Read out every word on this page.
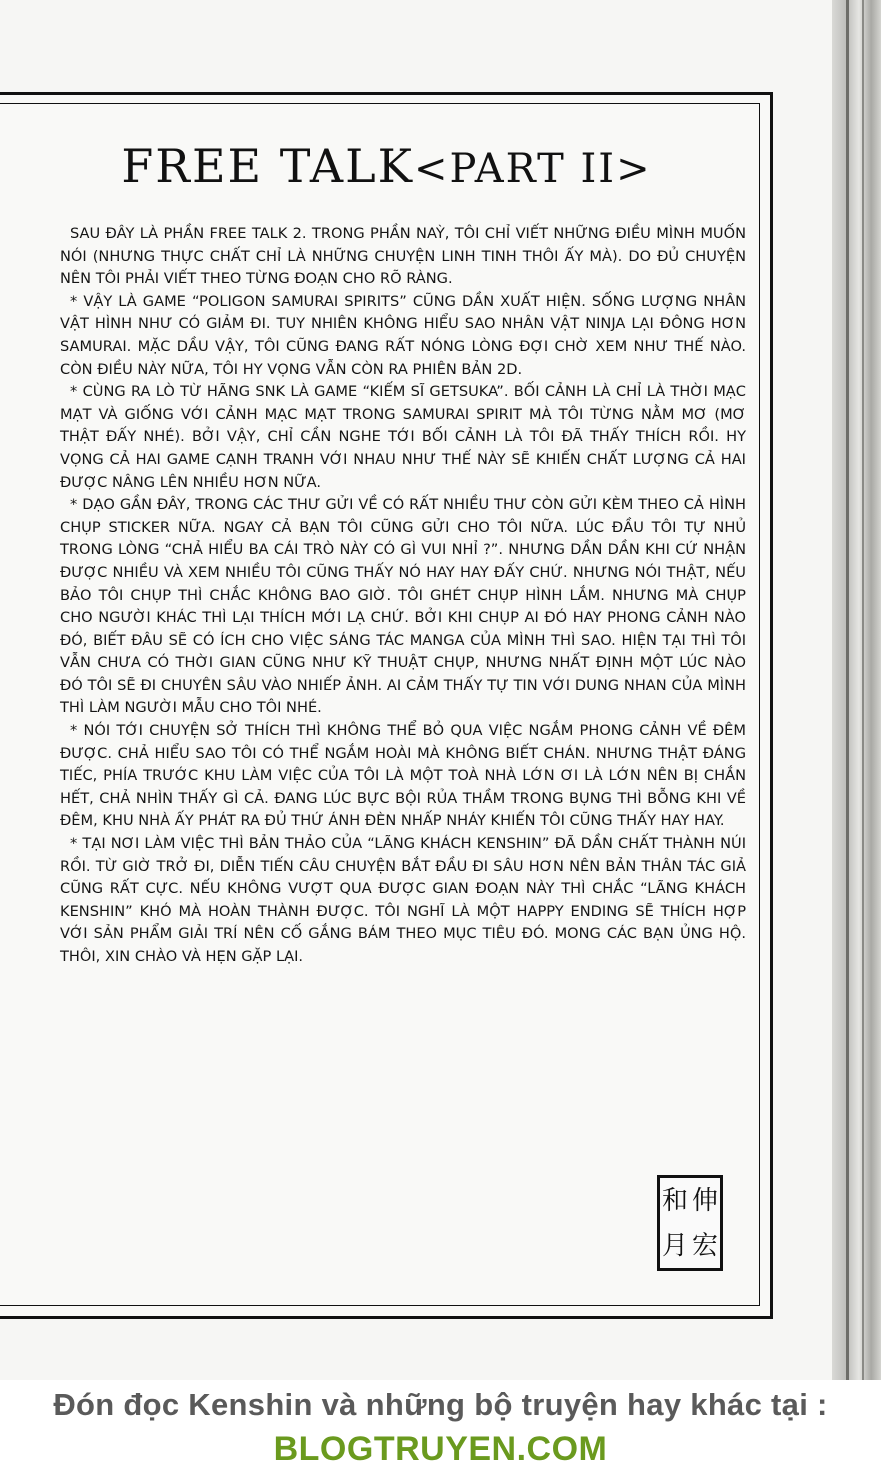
FREE TALK<PART II>

SAU ĐÂY LÀ PHẦN FREE TALK 2. TRONG PHẦN NAỲ, TÔI CHỈ VIẾT NHỮNG ĐIỀU MÌNH MUỐN NÓI (NHƯNG THỰC CHẤT CHỈ LÀ NHỮNG CHUYỆN LINH TINH THÔI ẤY MÀ). DO ĐỦ CHUYỆN NÊN TÔI PHẢI VIẾT THEO TỪNG ĐOẠN CHO RÕ RÀNG.

* VẬY LÀ GAME “POLIGON SAMURAI SPIRITS” CŨNG DẦN XUẤT HIỆN. SỐNG LƯỢNG NHÂN VẬT HÌNH NHƯ CÓ GIẢM ĐI. TUY NHIÊN KHÔNG HIỂU SAO NHÂN VẬT NINJA LẠI ĐÔNG HƠN SAMURAI. MẶC DẦU VẬY, TÔI CŨNG ĐANG RẤT NÓNG LÒNG ĐỢI CHỜ XEM NHƯ THẾ NÀO. CÒN ĐIỀU NÀY NỮA, TÔI HY VỌNG VẪN CÒN RA PHIÊN BẢN 2D.

* CÙNG RA LÒ TỪ HÃNG SNK LÀ GAME “KIẾM SĨ GETSUKA”. BỐI CẢNH LÀ CHỈ LÀ THỜI MẠC MẠT VÀ GIỐNG VỚI CẢNH MẠC MẠT TRONG SAMURAI SPIRIT MÀ TÔI TỪNG NẰM MƠ (MƠ THẬT ĐẤY NHÉ). BỞI VẬY, CHỈ CẦN NGHE TỚI BỐI CẢNH LÀ TÔI ĐÃ THẤY THÍCH RỒI. HY VỌNG CẢ HAI GAME CẠNH TRANH VỚI NHAU NHƯ THẾ NÀY SẼ KHIẾN CHẤT LƯỢNG CẢ HAI ĐƯỢC NÂNG LÊN NHIỀU HƠN NỮA.

* DẠO GẦN ĐÂY, TRONG CÁC THƯ GỬI VỀ CÓ RẤT NHIỀU THƯ CÒN GỬI KÈM THEO CẢ HÌNH CHỤP STICKER NỮA. NGAY CẢ BẠN TÔI CŨNG GỬI CHO TÔI NỮA. LÚC ĐẦU TÔI TỰ NHỦ TRONG LÒNG “CHẢ HIỂU BA CÁI TRÒ NÀY CÓ GÌ VUI NHỈ ?”. NHƯNG DẦN DẦN KHI CỨ NHẬN ĐƯỢC NHIỀU VÀ XEM NHIỀU TÔI CŨNG THẤY NÓ HAY HAY ĐẤY CHỨ. NHƯNG NÓI THẬT, NẾU BẢO TÔI CHỤP THÌ CHẮC KHÔNG BAO GIỜ. TÔI GHÉT CHỤP HÌNH LẮM. NHƯNG MÀ CHỤP CHO NGƯỜI KHÁC THÌ LẠI THÍCH MỚI LẠ CHỨ. BỞI KHI CHỤP AI ĐÓ HAY PHONG CẢNH NÀO ĐÓ, BIẾT ĐÂU SẼ CÓ ÍCH CHO VIỆC SÁNG TÁC MANGA CỦA MÌNH THÌ SAO. HIỆN TẠI THÌ TÔI VẪN CHƯA CÓ THỜI GIAN CŨNG NHƯ KỸ THUẬT CHỤP, NHƯNG NHẤT ĐỊNH MỘT LÚC NÀO ĐÓ TÔI SẼ ĐI CHUYÊN SÂU VÀO NHIẾP ẢNH. AI CẢM THẤY TỰ TIN VỚI DUNG NHAN CỦA MÌNH THÌ LÀM NGƯỜI MẪU CHO TÔI NHÉ.

* NÓI TỚI CHUYỆN SỞ THÍCH THÌ KHÔNG THỂ BỎ QUA VIỆC NGẮM PHONG CẢNH VỀ ĐÊM ĐƯỢC. CHẢ HIỂU SAO TÔI CÓ THỂ NGẮM HOÀI MÀ KHÔNG BIẾT CHÁN. NHƯNG THẬT ĐÁNG TIẾC, PHÍA TRƯỚC KHU LÀM VIỆC CỦA TÔI LÀ MỘT TOÀ NHÀ LỚN ƠI LÀ LỚN NÊN BỊ CHẮN HẾT, CHẢ NHÌN THẤY GÌ CẢ. ĐANG LÚC BỰC BỘI RỦA THẦM TRONG BỤNG THÌ BỖNG KHI VỀ ĐÊM, KHU NHÀ ẤY PHÁT RA ĐỦ THỨ ÁNH ĐÈN NHẤP NHÁY KHIẾN TÔI CŨNG THẤY HAY HAY.

* TẠI NƠI LÀM VIỆC THÌ BẢN THẢO CỦA “LÃNG KHÁCH KENSHIN” ĐÃ DẦN CHẤT THÀNH NÚI RỒI. TỪ GIỜ TRỞ ĐI, DIỄN TIẾN CÂU CHUYỆN BẮT ĐẦU ĐI SÂU HƠN NÊN BẢN THÂN TÁC GIẢ CŨNG RẤT CỰC. NẾU KHÔNG VƯỢT QUA ĐƯỢC GIAN ĐOẠN NÀY THÌ CHẮC “LÃNG KHÁCH KENSHIN” KHÓ MÀ HOÀN THÀNH ĐƯỢC. TÔI NGHĨ LÀ MỘT HAPPY ENDING SẼ THÍCH HỢP VỚI SẢN PHẨM GIẢI TRÍ NÊN CỐ GẮNG BÁM THEO MỤC TIÊU ĐÓ. MONG CÁC BẠN ỦNG HỘ. THÔI, XIN CHÀO VÀ HẸN GẶP LẠI.

和 伸
月 宏
Đón đọc Kenshin và những bộ truyện hay khác tại :
BLOGTRUYEN.COM
